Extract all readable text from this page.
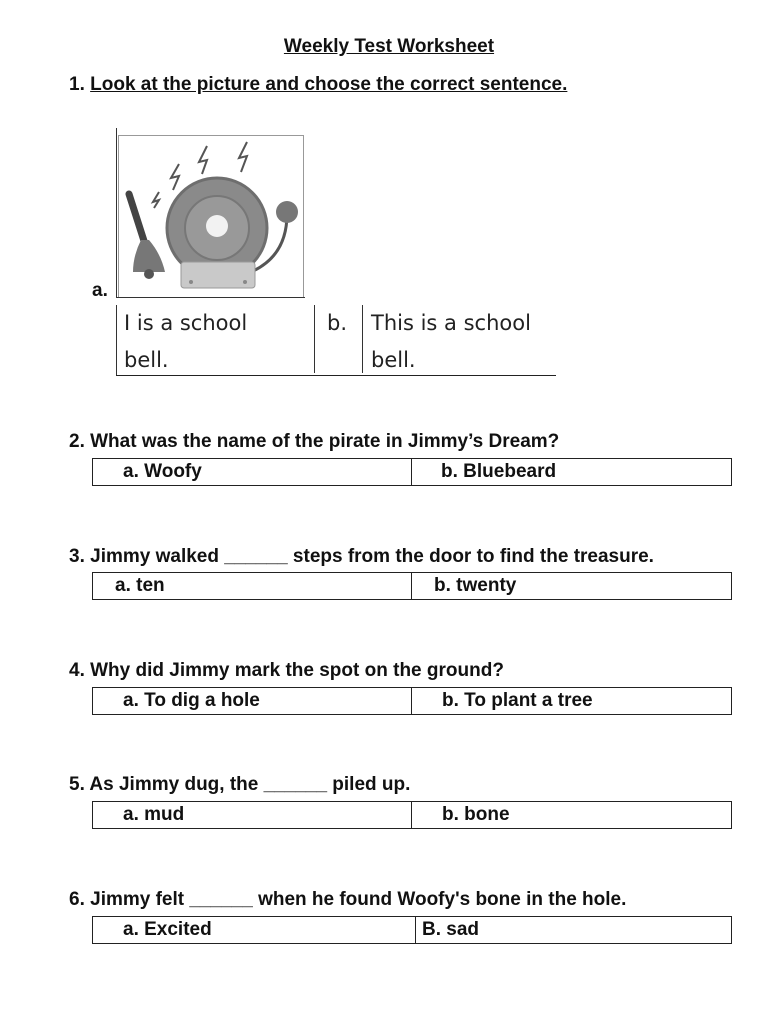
Weekly Test Worksheet
1. Look at the picture and choose the correct sentence.
a.
I is a school
bell.
b. This is a school
bell.
2. What was the name of the pirate in Jimmy’s Dream?
a. Woofy	b. Bluebeard
3. Jimmy walked ______ steps from the door to find the treasure.
a. ten	b. twenty
4. Why did Jimmy mark the spot on the ground?
a. To dig a hole	b. To plant a tree
5. As Jimmy dug, the ______ piled up.
a. mud	b. bone
6. Jimmy felt ______ when he found Woofy's bone in the hole.
a. Excited	B. sad
